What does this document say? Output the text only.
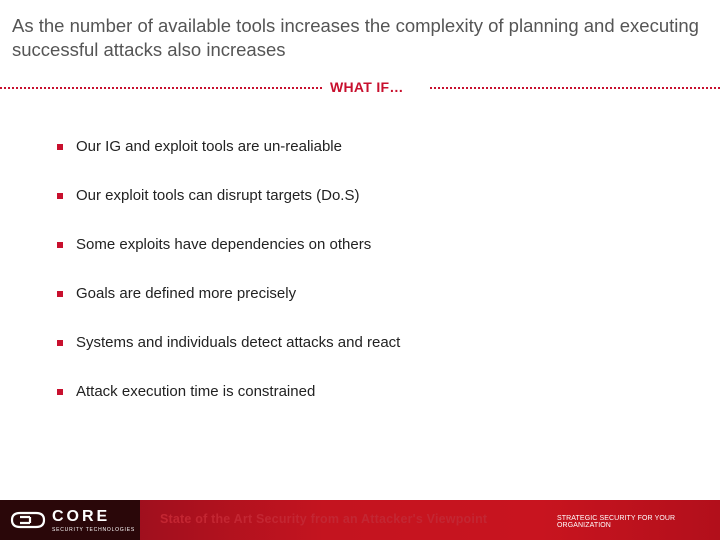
As the number of available tools increases the complexity of planning and executing successful attacks also increases
WHAT IF…
Our IG and exploit tools are un-realiable
Our exploit tools can disrupt targets (Do.S)
Some exploits have dependencies on others
Goals are defined more precisely
Systems and individuals detect attacks and react
Attack execution time is constrained
CORE
SECURITY TECHNOLOGIES
State of the Art Security from an Attacker's Viewpoint	STRATEGIC SECURITY FOR YOUR ORGANIZATION
